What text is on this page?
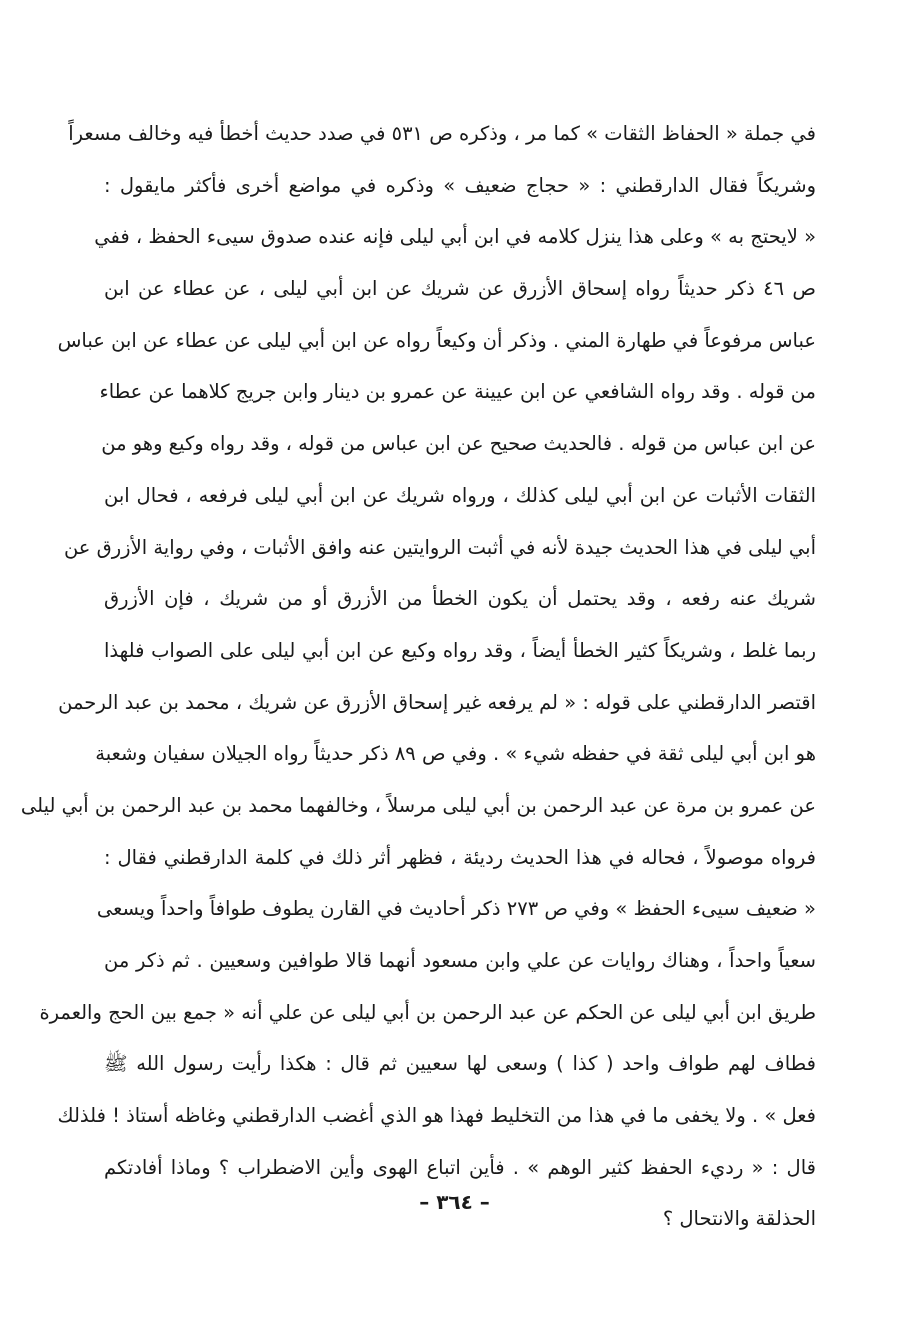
في جملة « الحفاظ الثقات » كما مر ، وذكره ص ٥٣١ في صدد حديث أخطأ فيه وخالف مسعراً
وشريكاً فقال الدارقطني : « حجاج ضعيف » وذكره في مواضع أخرى فأكثر مايقول :
« لايحتج به » وعلى هذا ينزل كلامه في ابن أبي ليلى فإنه عنده صدوق سيىء الحفظ ، ففي
ص ٤٦ ذكر حديثاً رواه إسحاق الأزرق عن شريك عن ابن أبي ليلى ، عن عطاء عن ابن
عباس مرفوعاً في طهارة المني . وذكر أن وكيعاً رواه عن ابن أبي ليلى عن عطاء عن ابن عباس
من قوله . وقد رواه الشافعي عن ابن عيينة عن عمرو بن دينار وابن جريج كلاهما عن عطاء
عن ابن عباس من قوله . فالحديث صحيح عن ابن عباس من قوله ، وقد رواه وكيع وهو من
الثقات الأثبات عن ابن أبي ليلى كذلك ، ورواه شريك عن ابن أبي ليلى فرفعه ، فحال ابن
أبي ليلى في هذا الحديث جيدة لأنه في أثبت الروايتين عنه وافق الأثبات ، وفي رواية الأزرق عن
شريك عنه رفعه ، وقد يحتمل أن يكون الخطأ من الأزرق أو من شريك ، فإن الأزرق
ربما غلط ، وشريكاً كثير الخطأ أيضاً ، وقد رواه وكيع عن ابن أبي ليلى على الصواب فلهذا
اقتصر الدارقطني على قوله : « لم يرفعه غير إسحاق الأزرق عن شريك ، محمد بن عبد الرحمن
هو ابن أبي ليلى ثقة في حفظه شيء » . وفي ص ٨٩ ذكر حديثاً رواه الجيلان سفيان وشعبة
عن عمرو بن مرة عن عبد الرحمن بن أبي ليلى مرسلاً ، وخالفهما محمد بن عبد الرحمن بن أبي ليلى
فرواه موصولاً ، فحاله في هذا الحديث رديئة ، فظهر أثر ذلك في كلمة الدارقطني فقال :
« ضعيف سيىء الحفظ » وفي ص ٢٧٣ ذكر أحاديث في القارن يطوف طوافاً واحداً ويسعى
سعياً واحداً ، وهناك روايات عن علي وابن مسعود أنهما قالا طوافين وسعيين . ثم ذكر من
طريق ابن أبي ليلى عن الحكم عن عبد الرحمن بن أبي ليلى عن علي أنه « جمع بين الحج والعمرة
فطاف لهم طواف واحد ( كذا ) وسعى لها سعيين ثم قال : هكذا رأيت رسول الله ﷺ
فعل » . ولا يخفى ما في هذا من التخليط فهذا هو الذي أغضب الدارقطني وغاظه أستاذ ! فلذلك
قال : « رديء الحفظ كثير الوهم » . فأين اتباع الهوى وأين الاضطراب ؟ وماذا أفادتكم
الحذلقة والانتحال ؟
– ٣٦٤ –
